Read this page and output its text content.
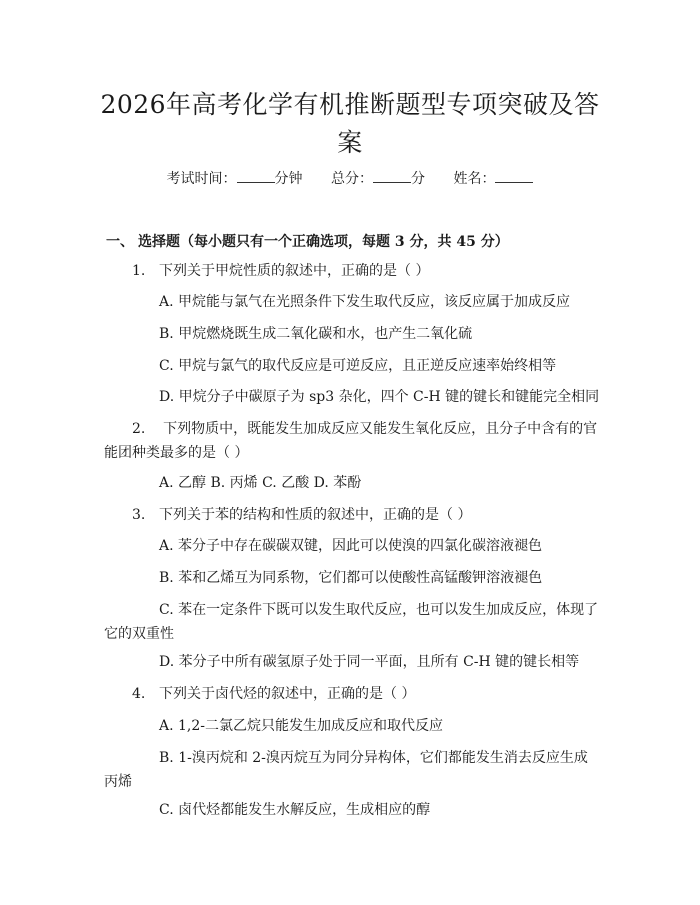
2026年高考化学有机推断题型专项突破及答案
考试时间：	分钟 总分：	分 姓名：
一、 选择题（每小题只有一个正确选项，每题 3 分，共 45 分）
1. 下列关于甲烷性质的叙述中，正确的是（ ）
A. 甲烷能与氯气在光照条件下发生取代反应，该反应属于加成反应
B. 甲烷燃烧既生成二氧化碳和水，也产生二氧化硫
C. 甲烷与氯气的取代反应是可逆反应，且正逆反应速率始终相等
D. 甲烷分子中碳原子为 sp3 杂化，四个 C-H 键的键长和键能完全相同
2. 下列物质中，既能发生加成反应又能发生氧化反应，且分子中含有的官能团种类最多的是（ ）
A. 乙醇 B. 丙烯 C. 乙酸 D. 苯酚
3. 下列关于苯的结构和性质的叙述中，正确的是（ ）
A. 苯分子中存在碳碳双键，因此可以使溴的四氯化碳溶液褪色
B. 苯和乙烯互为同系物，它们都可以使酸性高锰酸钾溶液褪色
C. 苯在一定条件下既可以发生取代反应，也可以发生加成反应，体现了它的双重性
D. 苯分子中所有碳氢原子处于同一平面，且所有 C-H 键的键长相等
4. 下列关于卤代烃的叙述中，正确的是（ ）
A. 1,2-二氯乙烷只能发生加成反应和取代反应
B. 1-溴丙烷和 2-溴丙烷互为同分异构体，它们都能发生消去反应生成丙烯
C. 卤代烃都能发生水解反应，生成相应的醇
